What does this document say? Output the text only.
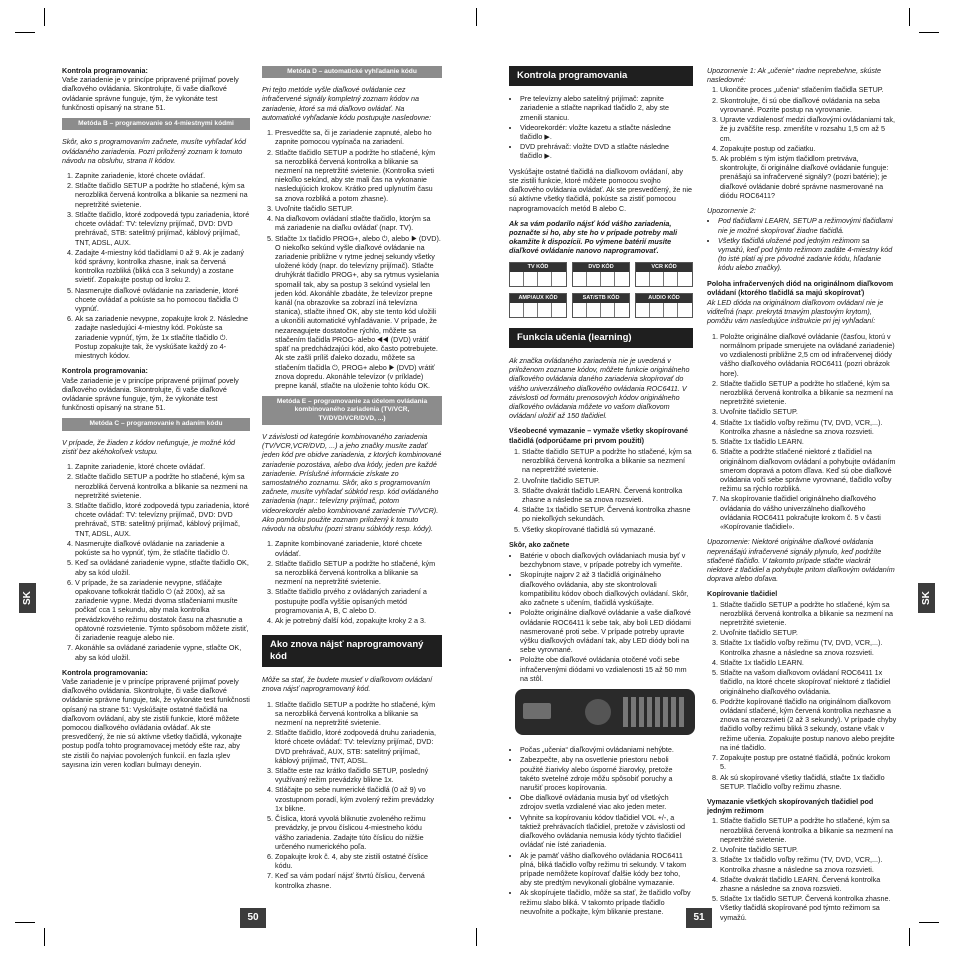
SK	SK
50	51

Kontrola programovania:
Vaše zariadenie je v princípe pripravené prijímať povely diaľkového ovládania. Skontrolujte, či vaše diaľkové ovládanie správne funguje, tým, že vykonáte test funkčnosti opísaný na strane 51.

Metóda B – programovanie so 4-miestnymi kódmi

Skôr, ako s programovaním začnete, musíte vyhľadať kód ovládaného zariadenia. Pozri priložený zoznam k tomuto návodu na obsluhu, strana II kódov.

1. Zapnite zariadenie, ktoré chcete ovládať.
2. Stlačte tlačidlo SETUP a podržte ho stlačené, kým sa nerozblikä červená kontrolka a blikanie sa nezmeni na nepretržité svietenie.
3. Stlačte tlačidlo, ktoré zodpovedá typu zariadenia, ktoré chcete ovládať: TV: televízny prijímač, DVD: DVD prehrávač, STB: satelitný prijímač, káblový prijímač, TNT, ADSL, AUX.
4. Zadajte 4-miestny kód tlačidlami 0 až 9. Ak je zadaný kód správny, kontrolka zhasne, inak sa červená kontrolka rozbliká (bliká cca 3 sekundy) a zostane svietiť. Zopakujte postup od kroku 2.
5. Nasmerujte diaľkové ovládanie na zariadenie, ktoré chcete ovládať a pokúste sa ho pomocou tlačidla ⏻ vypnúť.
6. Ak sa zariadenie nevypne, zopakujte krok 2. Následne zadajte nasledujúci 4-miestny kód. Pokúste sa zariadenie vypnúť, tým, že 1x stlačíte tlačidlo ⏻. Postup zopakujte tak, že vyskúšate každý zo 4-miestnych kódov.

Kontrola programovania:
Vaše zariadenie je v princípe pripravené prijímať povely diaľkového ovládania. Skontrolujte, či vaše diaľkové ovládanie správne funguje, tým, že vykonáte test funkčnosti opísaný na strane 51.

Metóda C – programovanie h adaním kódu

V prípade, že žiaden z kódov nefunguje, je možné kód zistiť bez akéhokoľvek vstupu.

1. Zapnite zariadenie, ktoré chcete ovládať.
2. Stlačte tlačidlo SETUP a podržte ho stlačené, kým sa nerozbliká červená kontrolka a blikanie sa nezmeni na nepretržité svietenie.
3. Stlačte tlačidlo, ktoré zodpovedá typu zariadenia, ktoré chcete ovládať: TV: televízny prijímač, DVD: DVD prehrávač, STB: satelitný prijímač, káblový prijímač, TNT, ADSL, AUX.
4. Nasmerujte diaľkové ovládanie na zariadenie a pokúste sa ho vypnúť, tým, že stlačíte tlačidlo ⏻.
5. Keď sa ovládané zariadenie vypne, stlačte tlačidlo OK, aby sa kód uložil.
6. V prípade, že sa zariadenie nevypne, stláčajte opakovane tofkokrát tlačidlo ⏻ (až 200x), až sa zariadenie vypne. Medzi dvoma stlačeniami musíte počkať cca 1 sekundu, aby mala kontrolka prevádzkového režimu dostatok času na zhasnutie a opätovné rozsvietenie. Týmto spôsobom môžete zistiť, či zariadenie reaguje alebo nie.
7. Akonáhle sa ovládané zariadenie vypne, stlačte OK, aby sa kód uložil.

Kontrola programovania:
Vaše zariadenie je v princípe pripravené prijímať povely diaľkového ovládania. Skontrolujte, či vaše diaľkové ovládanie správne funguje, tak, že vykonáte test funkčnosti opísaný na strane 51: Vyskúšajte ostatné tlačidlá na diaľkovom ovládaní, aby ste zistili funkcie, ktoré môžete pomocou diaľkového ovládania ovládať. Ak ste presvedčený, že nie sú aktívne všetky tlačidlá, vykonajte postup podľa tohto programovacej metódy ešte raz, aby ste zistili čo najviac povolených funkcií. en fazla ışlev sayısına izin veren kodları bulmayı deneyin.

Metóda D – automatické vyhľadanie kódu

Pri tejto metóde vyšle diaľkové ovládanie cez infračervené signály kompletný zoznam kódov na zariadenie, ktoré sa má diaľkovo ovládať. Na automatické vyhľadanie kódu postupujte nasledovne:

1. Presvedčte sa, či je zariadenie zapnuté, alebo ho zapnite pomocou vypínača na zariadení.
2. Stlačte tlačidlo SETUP a podržte ho stlačené, kým sa nerozbliká červená kontrolka a blikanie sa nezmení na nepretržité svietenie. (Kontrolka svieti niekoľko sekúnd, aby ste mali čas na vykonanie nasledujúcich krokov. Krátko pred uplynutím času sa znova rozbliká a potom zhasne).
3. Uvoľnite tlačidlo SETUP.
4. Na diaľkovom ovládaní stlačte tlačidlo, ktorým sa má zariadenie na diaľku ovládať (napr. TV).
5. Stlačte 1x tlačidlo PROG+, alebo ⏻, alebo ▶ (DVD). O niekoľko sekúnd vyšle diaľkové ovládanie na zariadenie približne v rytme jednej sekundy všetky uložené kódy (napr. do televízny prijímač). Stlačte druhýkrát tlačidlo PROG+, aby sa rytmus vysielania spomalil tak, aby sa postup 3 sekúnd vysielal len jeden kód. Akonáhle zbadáte, že televízor prepne kanál (na obrazovke sa zobrazí iná televízna stanica), stlačte ihneď OK, aby ste tento kód uložili a ukončili automatické vyhľadávanie. V prípade, že nezareagujete dostatočne rýchlo, môžete sa stlačením tlačidla PROG- alebo ◀◀ (DVD) vrátiť späť na predchádzajúci kód, ako často potrebujete. Ak ste zašli príliš ďaleko dozadu, môžete sa stlačením tlačidla ⏻, PROG+ alebo ▶ (DVD) vrátiť znova dopredu. Akonáhle televízor (v príklade) prepne kanál, stlačte na uloženie tohto kódu OK.
Metóda E – programovanie za účelom ovládania kombinovaného zariadenia (TV/VCR, TV/DVD/VCR/DVD, ...)

V závislosti od kategórie kombinovaného zariadenia (TV/VCR,VCR/DVD, ...) a jeho značky musíte zadať jeden kód pre obidve zariadenia, z ktorých kombinované zariadenie pozostáva, alebo dva kódy, jeden pre každé zariadenie. Príslušné informácie získate zo samostatného zoznamu. Skôr, ako s programovaním začnete, musíte vyhľadať súbkód resp. kód ovládaného zariadenia (napr.: televízny prijímač, potom videorekordér alebo kombinované zariadenie TV/VCR). Ako pomôcku použite zoznam priložený k tomuto návodu na obsluhu (pozri stranu súbkódy resp. kódy).

1. Zapnite kombinované zariadenie, ktoré chcete ovládať.
2. Stlačte tlačidlo SETUP a podržte ho stlačené, kým sa nerozbliká červená kontrolka a blikanie sa nezmení na nepretržité svietenie.
3. Stlačte tlačidlo prvého z ovládaných zariadení a postupujte podľa vyššie opísaných metód programovania A, B, C alebo D.
4. Ak je potrebný ďalší kód, zopakujte kroky 2 a 3.
Ako znova nájsť naprogramovaný kód

Môže sa stať, že budete musieť v diaľkovom ovládaní znova nájsť naprogramovaný kód.

1. Stlačte tlačidlo SETUP a podržte ho stlačené, kým sa nerozbliká červená kontrolka a blikanie sa nezmení na nepretržité svietenie.
2. Stlačte tlačidlo, ktoré zodpovedá druhu zariadenia, ktoré chcete ovládať: TV: televízny prijímač, DVD: DVD prehrávač, AUX, STB: satelitný prijímač, káblový prijímač, TNT, ADSL.
3. Stlačte este raz krátko tlačidlo SETUP, posledný využívaný režim prevádzky blikne 1x.
4. Stláčajte po sebe numerické tlačidlá (0 až 9) vo vzostupnom poradí, kým zvolený režim prevádzky 1x blikne.
5. Číslica, ktorá vyvolá bliknutie zvoleného režimu prevádzky, je prvou číslicou 4-miestneho kódu vášho zariadenia. Zadajte túto číslicu do nižšie určeného numerického poľa.
6. Zopakujte krok č. 4, aby ste zistili ostatné číslice kódu.
7. Keď sa vám podarí nájsť štvrtú číslicu, červená kontrolka zhasne.
Kontrola programovania
• Pre televízny alebo satelitný prijímač: zapnite zariadenie a stlačte naprikad tlačidlo 2, aby ste zmenili stanicu.
• Videorekordér: vložte kazetu a stlačte následne tlačidlo ▶.
• DVD prehrávač: vložte DVD a stlačte následne tlačidlo ▶.

Vyskúšajte ostatné tlačidlá na diaľkovom ovládaní, aby ste zistili funkcie, ktoré môžete pomocou svojho diaľkového ovládania ovládať. Ak ste presvedčený, že nie sú aktívne všetky tlačidlá, pokúste sa zistiť pomocou naprogramovacích metód B alebo C.

Ak sa vám podarilo nájsť kód vášho zariadenia, poznačte si ho, aby ste ho v prípade potreby mali okamžite k dispozícii. Po výmene batérií musíte diaľkové ovládanie nanovo naprogramovať.

TV KÓD	DVD KÓD	VCR KÓD
AMP/AUX KÓD	SAT/STB KÓD	AUDIO KÓD
Funkcia učenia (learning)

Ak značka ovládaného zariadenia nie je uvedená v priloženom zozname kódov, môžete funkcie originálneho diaľkového ovládania daného zariadenia skopírovať do vášho univerzálneho diaľkového ovládania ROC6411. V závislosti od formátu prenosových kódov originálneho diaľkového ovládania môžete vo vašom diaľkovom ovládaní uložiť až 150 tlačidiel.

Všeobecné vymazanie – vymaže všetky skopírované tlačidlá (odporúčame pri prvom použití)

1. Stlačte tlačidlo SETUP a podržte ho stlačené, kým sa nerozbliká červená kontrolka a blikanie sa nezmení na nepretržité svietenie.
2. Uvoľnite tlačidlo SETUP.
3. Stlačte dvakrát tlačidlo LEARN. Červená kontrolka zhasne a následne sa znova rozsvieti.
4. Stlačte 1x tlačidlo SETUP. Červená kontrolka zhasne po niekoľkých sekundách.
5. Všetky skopírované tlačidlá sú vymazané.

Skôr, ako začnete

• Batérie v oboch diaľkových ovládaniach musia byť v bezchybnom stave, v prípade potreby ich vymeňte.
• Skopírujte najprv 2 až 3 tlačidlá originálneho diaľkového ovládania, aby ste skontrolovali kompatibilitu kódov oboch diaľkových ovládaní. Skôr, ako začnete s učením, tlačidlá vyskúšajte.
• Položte originálne diaľkové ovládanie a vaše diaľkové ovládanie ROC6411 k sebe tak, aby boli LED diódami nasmerované proti sebe. V prípade potreby upravte výšku diaľkových ovládaní tak, aby LED diódy boli na sebe vyrovnané.
• Položte obe diaľkové ovládania otočené voči sebe infračervenými diódami vo vzdialenosti 15 až 50 mm na stôl.
• Počas „učenia“ diaľkovými ovládaniami nehýbte.
• Zabezpečte, aby na osvetlenie priestoru neboli použité žiarivky alebo úsporné žiarovky, pretože takéto svetelné zdroje môžu spôsobiť poruchy a narušiť proces kopírovania.
• Obe diaľkové ovládania musia byť od všetkých zdrojov svetla vzdialené viac ako jeden meter.
• Vyhnite sa kopírovaniu kódov tlačidiel VOL +/-, a taktiež prehrávacích tlačidiel, pretože v závislosti od diaľkového ovládania nemusia kódy týchto tlačidiel ovládať nie ísté zariadenia.
• Ak je pamäť vášho diaľkového ovládania ROC6411 plná, bliká tlačidlo voľby režimu tri sekundy. V takom prípade nemôžete kopírovať ďalšie kódy bez toho, aby ste predtým nevykonali globálne vymazanie.
• Ak skopírujete tlačidlo, môže sa stať, že tlačidlo voľby režimu slabo bliká. V takomto prípade tlačidlo neuvoľnite a počkajte, kým blikanie prestane.

Upozornenie 1: Ak „učenie“ riadne neprebehne, skúste nasledovné:

1. Ukončite proces „učenia“ stlačením tlačidla SETUP.
2. Skontrolujte, či sú obe diaľkové ovládania na seba vyrovnané. Pozrite postup na vyrovnanie.
3. Upravte vzdialenosť medzi diaľkovými ovládaniami tak, že ju zväčšíte resp. zmenšíte v rozsahu 1,5 cm až 5 cm.
4. Zopakujte postup od začiatku.
5. Ak problém s tým istým tlačidlom pretrváva, skontrolujte, či originálne diaľkové ovládanie funguje: prenášajú sa infračervené signály? (pozri batérie); je diaľkové ovládanie dobré správne nasmerované na diódu ROC6411?

Upozornenie 2:

• Pod tlačidlami LEARN, SETUP a režimovými tlačidlami nie je možné skopírovať žiadne tlačidlá.
• Všetky tlačidlá uložené pod jedným režimom sa vymažú, keď pod týmto režimom zadáte 4-miestny kód (to isté platí aj pre pôvodné zadanie kódu, hľadanie kódu alebo značky).

Poloha infračervených diód na originálnom diaľkovom ovládaní (ktorého tlačidlá sa majú skopírovať)

Ak LED dióda na originálnom diaľkovom ovládaní nie je viditeľná (napr. prekrytá tmavým plastovým krytom), pomôžu vám nasledujúce inštrukcie pri jej vyhľadaní:

1. Položte originálne diaľkové ovládanie (časťou, ktorú v normálnom prípade smerujete na ovládané zariadenie) vo vzdialenosti približne 2,5 cm od infračervenej diódy vášho diaľkového ovládania ROC6411 (pozri obrázok hore).
2. Stlačte tlačidlo SETUP a podržte ho stlačené, kým sa nerozbliká červená kontrolka a blikanie sa nezmení na nepretržité svietenie.
3. Uvoľnite tlačidlo SETUP.
4. Stlačte 1x tlačidlo voľby režimu (TV, DVD, VCR,...). Kontrolka zhasne a následne sa znova rozsvieti.
5. Stlačte 1x tlačidlo LEARN.
6. Stlačte a podržte stlačené niektoré z tlačidiel na originálnom diaľkovom ovládaní a pohybujte ovládaním smerom dopravá a potom ďľava. Keď sú obe diaľkové ovládania voči sebe správne vyrovnané, tlačidlo voľby režimu sa rýchlo rozbliká.
7. Na skopírovanie tlačidiel originálneho diaľkového ovládania do vášho univerzálneho diaľkového ovládania ROC6411 pokračujte krokom č. 5 v časti «Kopírovanie tlačidiel».

Upozornenie: Niektoré originálne diaľkové ovládania neprenášajú infračervené signály plynulo, keď podržíte stlačené tlačidlo. V takomto prípade stlačte viackrát niektoré z tlačidiel a pohybujte pritom diaľkovým ovládaním doprava alebo doľava.

Kopírovanie tlačidiel

1. Stlačte tlačidlo SETUP a podržte ho stlačené, kým sa nerozbliká červená kontrolka a blikanie sa nezmení na nepretržité svietenie.
2. Uvoľnite tlačidlo SETUP.
3. Stlačte 1x tlačidlo voľby režimu (TV, DVD, VCR,...). Kontrolka zhasne a následne sa znova rozsvieti.
4. Stlačte 1x tlačidlo LEARN.
5. Stlačte na vašom diaľkovom ovládaní ROC6411 1x tlačidlo, na ktoré chcete skopírovať niektoré z tlačidiel originálneho diaľkového ovládania.
6. Podržte kopírované tlačidlo na originálnom diaľkovom ovládaní stlačené, kým červená kontrolka nezhasne a znova sa nerozsvieti (2 až 3 sekundy). V prípade chyby tlačidlo voľby režimu bliká 3 sekundy, ostane však v režime učenia. Zopakujte postup nanovo alebo prejdite na iné tlačidlo.
7. Zopakujte postup pre ostatné tlačidlá, počnúc krokom 5.
8. Ak sú skopírované všetky tlačidlá, stlačte 1x tlačidlo SETUP. Tlačidlo voľby režimu zhasne.

Vymazanie všetkých skopírovaných tlačidiel pod jedným režimom

1. Stlačte tlačidlo SETUP a podržte ho stlačené, kým sa nerozbliká červená kontrolka a blikanie sa nezmení na nepretržité svietenie.
2. Uvoľnite tlačidlo SETUP.
3. Stlačte 1x tlačidlo voľby režimu (TV, DVD, VCR,...). Kontrolka zhasne a následne sa znova rozsvieti.
4. Stlačte dvakrát tlačidlo LEARN. Červená kontrolka zhasne a následne sa znova rozsvieti.
5. Stlačte 1x tlačidlo SETUP. Červená kontrolka zhasne. Všetky tlačidlá skopírované pod týmto režimom sa vymažú.
